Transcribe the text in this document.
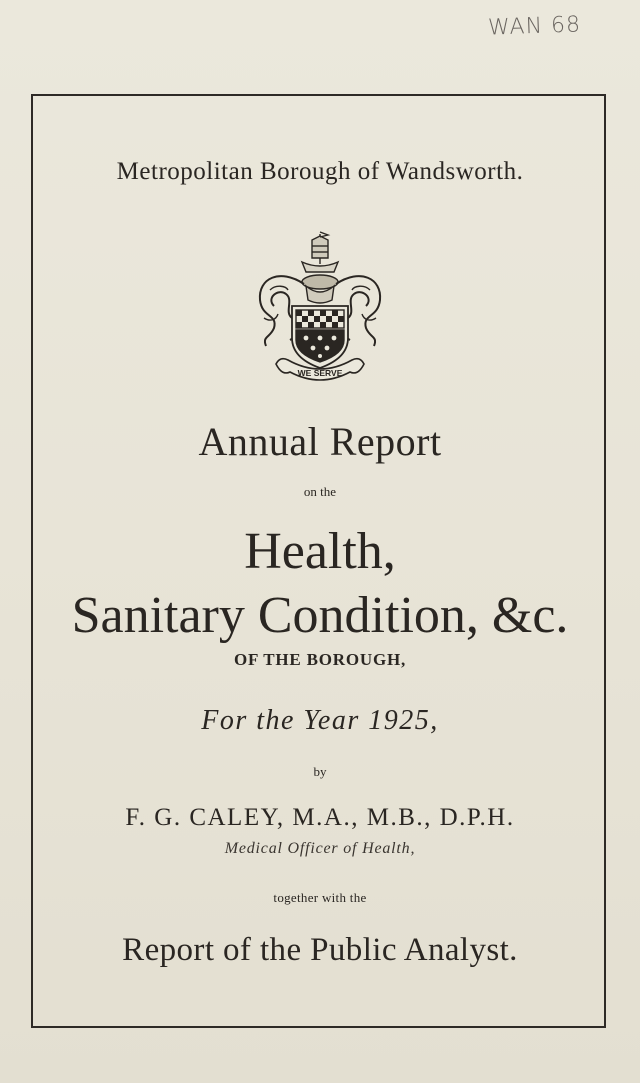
WAN 68
Metropolitan Borough of Wandsworth.
WE SERVE
Annual Report
on the
Health,
Sanitary Condition, &c.
OF THE BOROUGH,
For the Year 1925,
by
F. G. CALEY, M.A., M.B., D.P.H.
Medical Officer of Health,
together with the
Report of the Public Analyst.
